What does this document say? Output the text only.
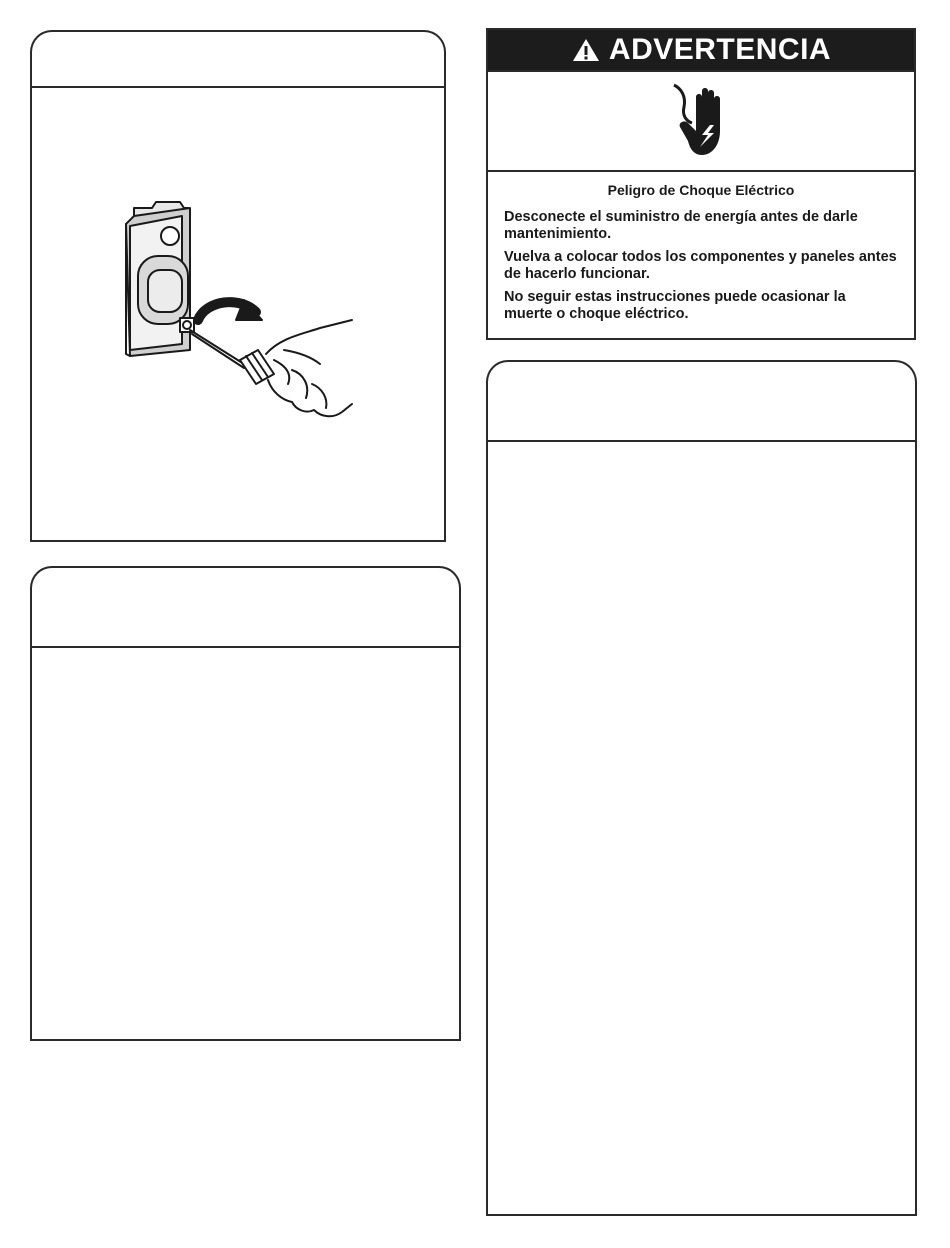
ADVERTENCIA
Peligro de Choque Eléctrico

Desconecte el suministro de energía antes de darle mantenimiento.

Vuelva a colocar todos los componentes y paneles antes de hacerlo funcionar.

No seguir estas instrucciones puede ocasionar la muerte o choque eléctrico.
